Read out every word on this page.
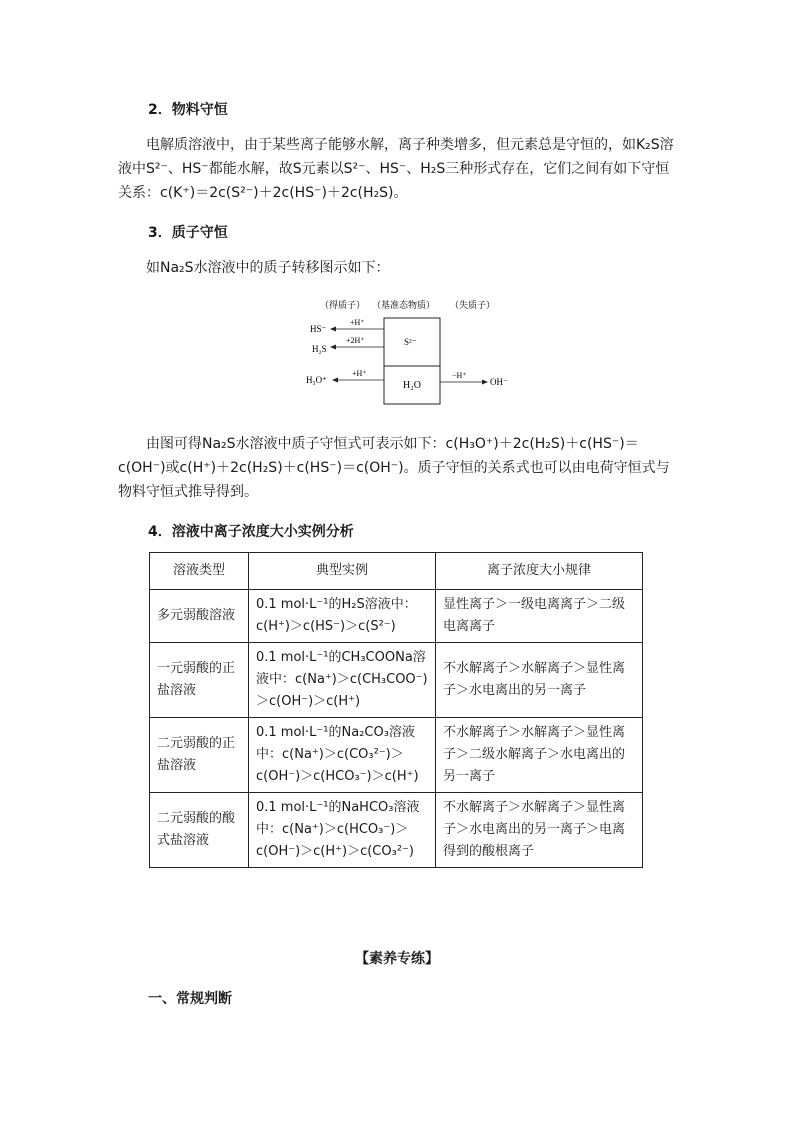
2．物料守恒
电解质溶液中，由于某些离子能够水解，离子种类增多，但元素总是守恒的，如K₂S溶液中S²⁻、HS⁻都能水解，故S元素以S²⁻、HS⁻、H₂S三种形式存在，它们之间有如下守恒关系：c(K⁺)＝2c(S²⁻)＋2c(HS⁻)＋2c(H₂S)。
3．质子守恒
如Na₂S水溶液中的质子转移图示如下：
（得质子） （基准态物质） （失质子）
S²⁻
H₂O
+H⁺
HS⁻
+2H⁺
H₂S
+H⁺
H₃O⁺	−H⁺
OH⁻
由图可得Na₂S水溶液中质子守恒式可表示如下：c(H₃O⁺)＋2c(H₂S)＋c(HS⁻)＝c(OH⁻)或c(H⁺)＋2c(H₂S)＋c(HS⁻)＝c(OH⁻)。质子守恒的关系式也可以由电荷守恒式与物料守恒式推导得到。
4．溶液中离子浓度大小实例分析
溶液类型	典型实例	离子浓度大小规律
多元弱酸溶液	0.1 mol·L⁻¹的H₂S溶液中：c(H⁺)＞c(HS⁻)＞c(S²⁻)	显性离子＞一级电离离子＞二级电离离子
一元弱酸的正盐溶液	0.1 mol·L⁻¹的CH₃COONa溶液中：c(Na⁺)＞c(CH₃COO⁻)＞c(OH⁻)＞c(H⁺)	不水解离子＞水解离子＞显性离子＞水电离出的另一离子
二元弱酸的正盐溶液	0.1 mol·L⁻¹的Na₂CO₃溶液中：c(Na⁺)＞c(CO₃²⁻)＞c(OH⁻)＞c(HCO₃⁻)＞c(H⁺)	不水解离子＞水解离子＞显性离子＞二级水解离子＞水电离出的另一离子
二元弱酸的酸式盐溶液	0.1 mol·L⁻¹的NaHCO₃溶液中：c(Na⁺)＞c(HCO₃⁻)＞c(OH⁻)＞c(H⁺)＞c(CO₃²⁻)	不水解离子＞水解离子＞显性离子＞水电离出的另一离子＞电离得到的酸根离子
【素养专练】
一、常规判断
